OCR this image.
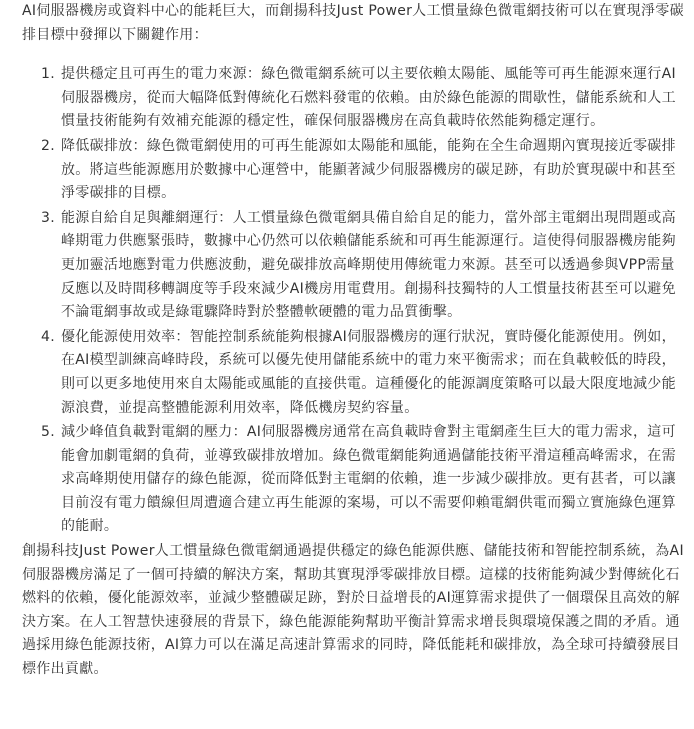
AI伺服器機房或資料中心的能耗巨大，而創揚科技Just Power人工慣量綠色微電網技術可以在實現淨零碳排目標中發揮以下關鍵作用：

1. 提供穩定且可再生的電力來源：綠色微電網系統可以主要依賴太陽能、風能等可再生能源來運行AI伺服器機房，從而大幅降低對傳統化石燃料發電的依賴。由於綠色能源的間歇性，儲能系統和人工慣量技術能夠有效補充能源的穩定性，確保伺服器機房在高負載時依然能夠穩定運行。
2. 降低碳排放：綠色微電網使用的可再生能源如太陽能和風能，能夠在全生命週期內實現接近零碳排放。將這些能源應用於數據中心運營中，能顯著減少伺服器機房的碳足跡，有助於實現碳中和甚至淨零碳排的目標。
3. 能源自給自足與離網運行：人工慣量綠色微電網具備自給自足的能力，當外部主電網出現問題或高峰期電力供應緊張時，數據中心仍然可以依賴儲能系統和可再生能源運行。這使得伺服器機房能夠更加靈活地應對電力供應波動，避免碳排放高峰期使用傳統電力來源。甚至可以透過參與VPP需量反應以及時間移轉調度等手段來減少AI機房用電費用。創揚科技獨特的人工慣量技術甚至可以避免不論電網事故或是綠電驟降時對於整體軟硬體的電力品質衝擊。
4. 優化能源使用效率：智能控制系統能夠根據AI伺服器機房的運行狀況，實時優化能源使用。例如，在AI模型訓練高峰時段，系統可以優先使用儲能系統中的電力來平衡需求；而在負載較低的時段，則可以更多地使用來自太陽能或風能的直接供電。這種優化的能源調度策略可以最大限度地減少能源浪費，並提高整體能源利用效率，降低機房契約容量。
5. 減少峰值負載對電網的壓力：AI伺服器機房通常在高負載時會對主電網產生巨大的電力需求，這可能會加劇電網的負荷，並導致碳排放增加。綠色微電網能夠通過儲能技術平滑這種高峰需求，在需求高峰期使用儲存的綠色能源，從而降低對主電網的依賴，進一步減少碳排放。更有甚者，可以讓目前沒有電力饋線但周遭適合建立再生能源的案場，可以不需要仰賴電網供電而獨立實施綠色運算的能耐。

創揚科技Just Power人工慣量綠色微電網通過提供穩定的綠色能源供應、儲能技術和智能控制系統，為AI伺服器機房滿足了一個可持續的解決方案，幫助其實現淨零碳排放目標。這樣的技術能夠減少對傳統化石燃料的依賴，優化能源效率，並減少整體碳足跡，對於日益增長的AI運算需求提供了一個環保且高效的解決方案。在人工智慧快速發展的背景下，綠色能源能夠幫助平衡計算需求增長與環境保護之間的矛盾。通過採用綠色能源技術，AI算力可以在滿足高速計算需求的同時，降低能耗和碳排放，為全球可持續發展目標作出貢獻。
